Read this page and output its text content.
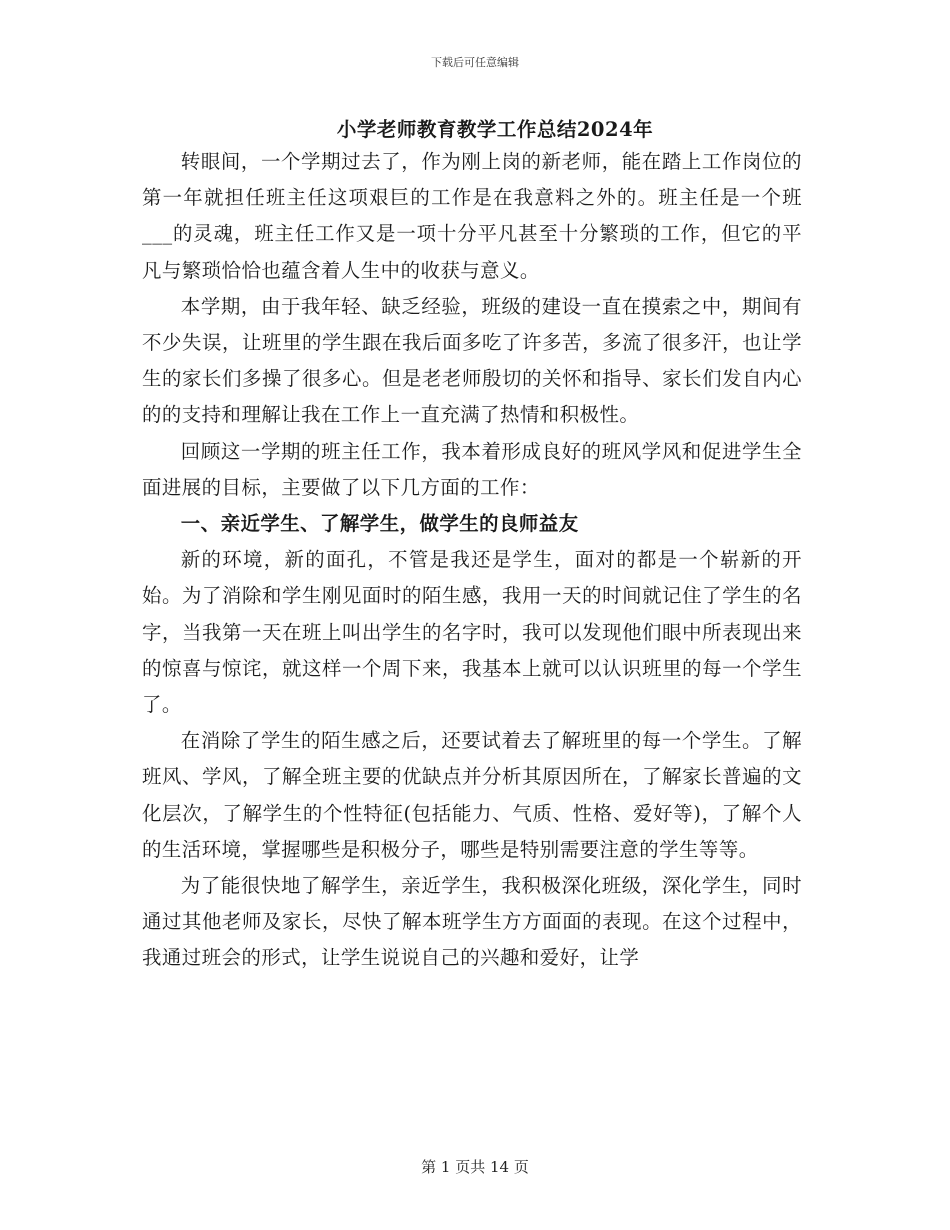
下载后可任意编辑
小学老师教育教学工作总结2024年

转眼间，一个学期过去了，作为刚上岗的新老师，能在踏上工作岗位的第一年就担任班主任这项艰巨的工作是在我意料之外的。班主任是一个班___的灵魂，班主任工作又是一项十分平凡甚至十分繁琐的工作，但它的平凡与繁琐恰恰也蕴含着人生中的收获与意义。

本学期，由于我年轻、缺乏经验，班级的建设一直在摸索之中，期间有不少失误，让班里的学生跟在我后面多吃了许多苦，多流了很多汗，也让学生的家长们多操了很多心。但是老老师殷切的关怀和指导、家长们发自内心的的支持和理解让我在工作上一直充满了热情和积极性。

回顾这一学期的班主任工作，我本着形成良好的班风学风和促进学生全面进展的目标，主要做了以下几方面的工作：

一、亲近学生、了解学生，做学生的良师益友

新的环境，新的面孔，不管是我还是学生，面对的都是一个崭新的开始。为了消除和学生刚见面时的陌生感，我用一天的时间就记住了学生的名字，当我第一天在班上叫出学生的名字时，我可以发现他们眼中所表现出来的惊喜与惊诧，就这样一个周下来，我基本上就可以认识班里的每一个学生了。

在消除了学生的陌生感之后，还要试着去了解班里的每一个学生。了解班风、学风，了解全班主要的优缺点并分析其原因所在，了解家长普遍的文化层次，了解学生的个性特征(包括能力、气质、性格、爱好等)，了解个人的生活环境，掌握哪些是积极分子，哪些是特别需要注意的学生等等。

为了能很快地了解学生，亲近学生，我积极深化班级，深化学生，同时通过其他老师及家长，尽快了解本班学生方方面面的表现。在这个过程中，我通过班会的形式，让学生说说自己的兴趣和爱好，让学

第 1 页共 14 页
